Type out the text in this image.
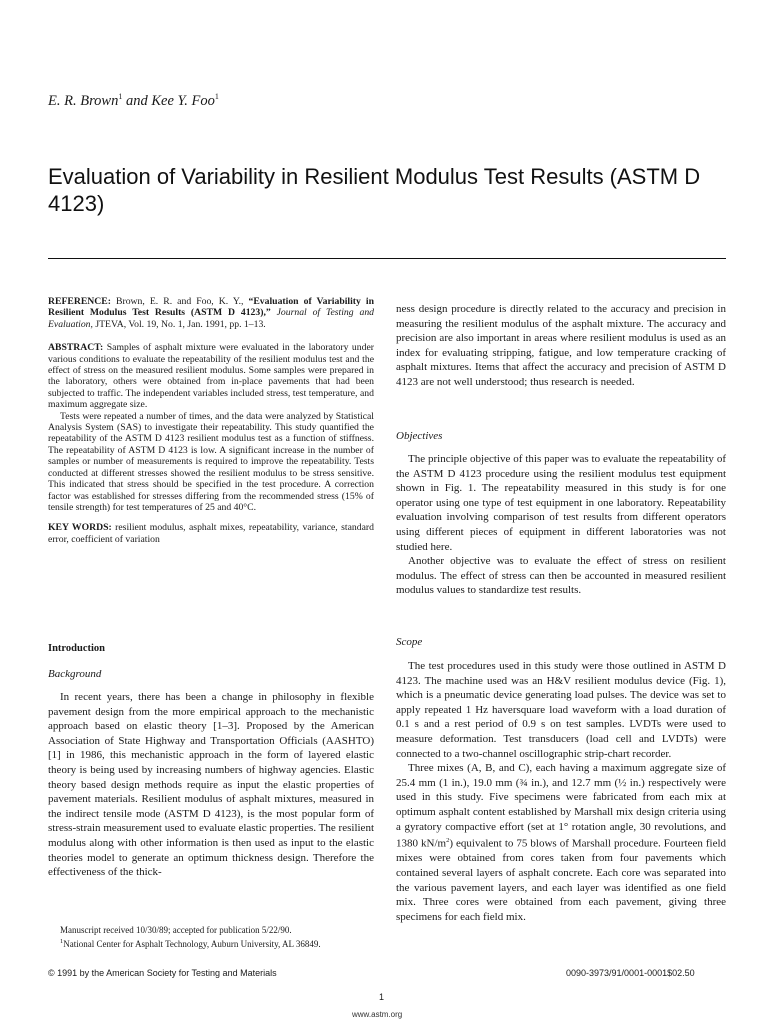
E. R. Brown$^1$ and Kee Y. Foo$^1$
Evaluation of Variability in Resilient Modulus Test Results (ASTM D 4123)

REFERENCE: Brown, E. R. and Foo, K. Y., “Evaluation of Variability in Resilient Modulus Test Results (ASTM D 4123),” Journal of Testing and Evaluation, JTEVA, Vol. 19, No. 1, Jan. 1991, pp. 1–13.

ABSTRACT: Samples of asphalt mixture were evaluated in the laboratory under various conditions to evaluate the repeatability of the resilient modulus test and the effect of stress on the measured resilient modulus. Some samples were prepared in the laboratory, others were obtained from in-place pavements that had been subjected to traffic. The independent variables included stress, test temperature, and maximum aggregate size.

Tests were repeated a number of times, and the data were analyzed by Statistical Analysis System (SAS) to investigate their repeatability. This study quantified the repeatability of the ASTM D 4123 resilient modulus test as a function of stiffness. The repeatability of ASTM D 4123 is low. A significant increase in the number of samples or number of measurements is required to improve the repeatability. Tests conducted at different stresses showed the resilient modulus to be stress sensitive. This indicated that stress should be specified in the test procedure. A correction factor was established for stresses differing from the recommended stress (15% of tensile strength) for test temperatures of 25 and 40°C.

KEY WORDS: resilient modulus, asphalt mixes, repeatability, variance, standard error, coefficient of variation

Introduction
Background

In recent years, there has been a change in philosophy in flexible pavement design from the more empirical approach to the mechanistic approach based on elastic theory [1–3]. Proposed by the American Association of State Highway and Transportation Officials (AASHTO) [1] in 1986, this mechanistic approach in the form of layered elastic theory is being used by increasing numbers of highway agencies. Elastic theory based design methods require as input the elastic properties of pavement materials. Resilient modulus of asphalt mixtures, measured in the indirect tensile mode (ASTM D 4123), is the most popular form of stress-strain measurement used to evaluate elastic properties. The resilient modulus along with other information is then used as input to the elastic theories model to generate an optimum thickness design. Therefore the effectiveness of the thick-

ness design procedure is directly related to the accuracy and precision in measuring the resilient modulus of the asphalt mixture. The accuracy and precision are also important in areas where resilient modulus is used as an index for evaluating stripping, fatigue, and low temperature cracking of asphalt mixtures. Items that affect the accuracy and precision of ASTM D 4123 are not well understood; thus research is needed.

Objectives

The principle objective of this paper was to evaluate the repeatability of the ASTM D 4123 procedure using the resilient modulus test equipment shown in Fig. 1. The repeatability measured in this study is for one operator using one type of test equipment in one laboratory. Repeatability evaluation involving comparison of test results from different operators using different pieces of equipment in different laboratories was not studied here.

Another objective was to evaluate the effect of stress on resilient modulus. The effect of stress can then be accounted in measured resilient modulus values to standardize test results.

Scope

The test procedures used in this study were those outlined in ASTM D 4123. The machine used was an H&V resilient modulus device (Fig. 1), which is a pneumatic device generating load pulses. The device was set to apply repeated 1 Hz haversquare load waveform with a load duration of 0.1 s and a rest period of 0.9 s on test samples. LVDTs were used to measure deformation. Test transducers (load cell and LVDTs) were connected to a two-channel oscillographic strip-chart recorder.

Three mixes (A, B, and C), each having a maximum aggregate size of 25.4 mm (1 in.), 19.0 mm (¾ in.), and 12.7 mm (½ in.) respectively were used in this study. Five specimens were fabricated from each mix at optimum asphalt content established by Marshall mix design criteria using a gyratory compactive effort (set at 1° rotation angle, 30 revolutions, and 1380 $kN/m^2$) equivalent to 75 blows of Marshall procedure. Fourteen field mixes were obtained from cores taken from four pavements which contained several layers of asphalt concrete. Each core was separated into the various pavement layers, and each layer was identified as one field mix. Three cores were obtained from each pavement, giving three specimens for each field mix.

Manuscript received 10/30/89; accepted for publication 5/22/90.

$^1$National Center for Asphalt Technology, Auburn University, AL 36849.

© 1991 by the American Society for Testing and Materials	0090-3973/91/0001-0001$02.50
1
www.astm.org
